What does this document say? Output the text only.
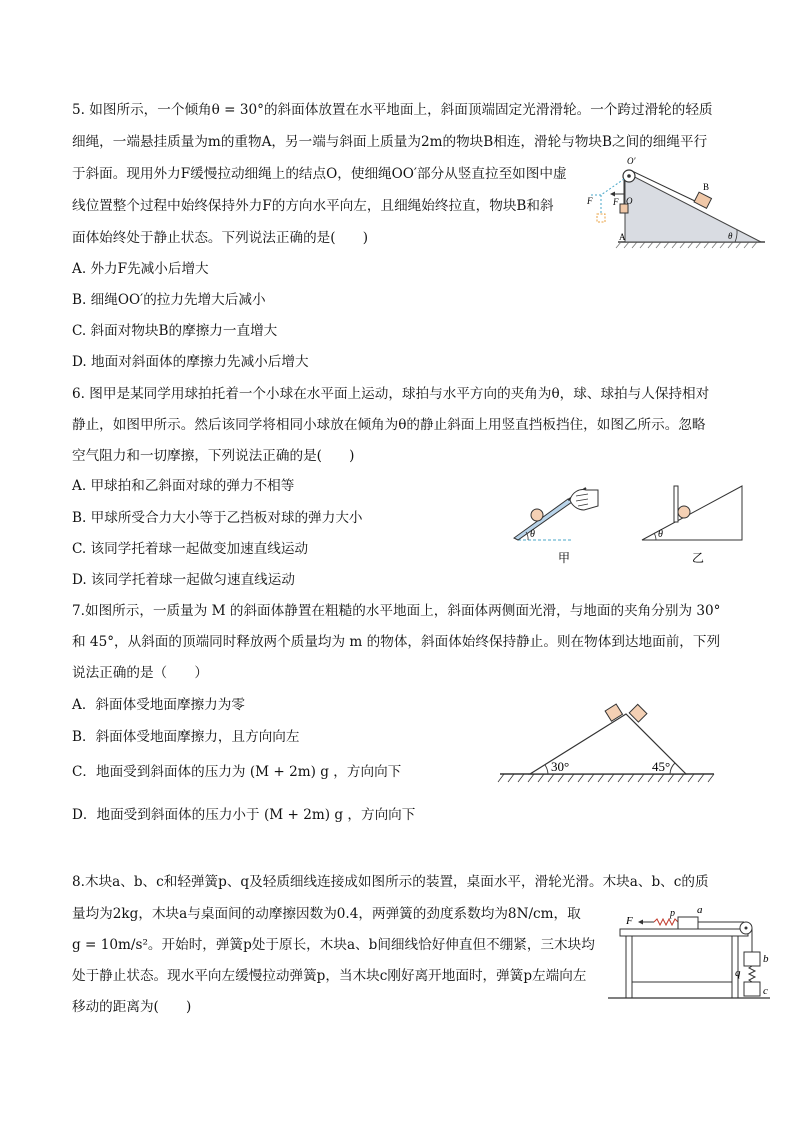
5. 如图所示，一个倾角θ = 30°的斜面体放置在水平地面上，斜面顶端固定光滑滑轮。一个跨过滑轮的轻质
细绳，一端悬挂质量为m的重物A，另一端与斜面上质量为2m的物块B相连，滑轮与物块B之间的细绳平行
于斜面。现用外力F缓慢拉动细绳上的结点O，使细绳OO′部分从竖直拉至如图中虚
线位置整个过程中始终保持外力F的方向水平向左，且细绳始终拉直，物块B和斜
面体始终处于静止状态。下列说法正确的是(　　)
A. 外力F先减小后增大
B. 细绳OO′的拉力先增大后减小
C. 斜面对物块B的摩擦力一直增大
D. 地面对斜面体的摩擦力先减小后增大
O′
O
F
F
A
B
θ
6. 图甲是某同学用球拍托着一个小球在水平面上运动，球拍与水平方向的夹角为θ，球、球拍与人保持相对
静止，如图甲所示。然后该同学将相同小球放在倾角为θ的静止斜面上用竖直挡板挡住，如图乙所示。忽略
空气阻力和一切摩擦，下列说法正确的是(　　)
A. 甲球拍和乙斜面对球的弹力不相等
B. 甲球所受合力大小等于乙挡板对球的弹力大小
C. 该同学托着球一起做变加速直线运动
D. 该同学托着球一起做匀速直线运动
θ
甲
θ
乙
7.如图所示，一质量为 M 的斜面体静置在粗糙的水平地面上，斜面体两侧面光滑，与地面的夹角分别为 30°
和 45°，从斜面的顶端同时释放两个质量均为 m 的物体，斜面体始终保持静止。则在物体到达地面前，下列
说法正确的是（　　）
A．斜面体受地面摩擦力为零
B．斜面体受地面摩擦力，且方向向左
C．地面受到斜面体的压力为 (M + 2m) g ，方向向下
D．地面受到斜面体的压力小于 (M + 2m) g ，方向向下
30°	45°
8.木块a、b、c和轻弹簧p、q及轻质细线连接成如图所示的装置，桌面水平，滑轮光滑。木块a、b、c的质
量均为2kg，木块a与桌面间的动摩擦因数为0.4，两弹簧的劲度系数均为8N/cm，取
g = 10m/s²。开始时，弹簧p处于原长，木块a、b间细线恰好伸直但不绷紧，三木块均
处于静止状态。现水平向左缓慢拉动弹簧p，当木块c刚好离开地面时，弹簧p左端向左
移动的距离为(　　)
F
p a
b
q
c
